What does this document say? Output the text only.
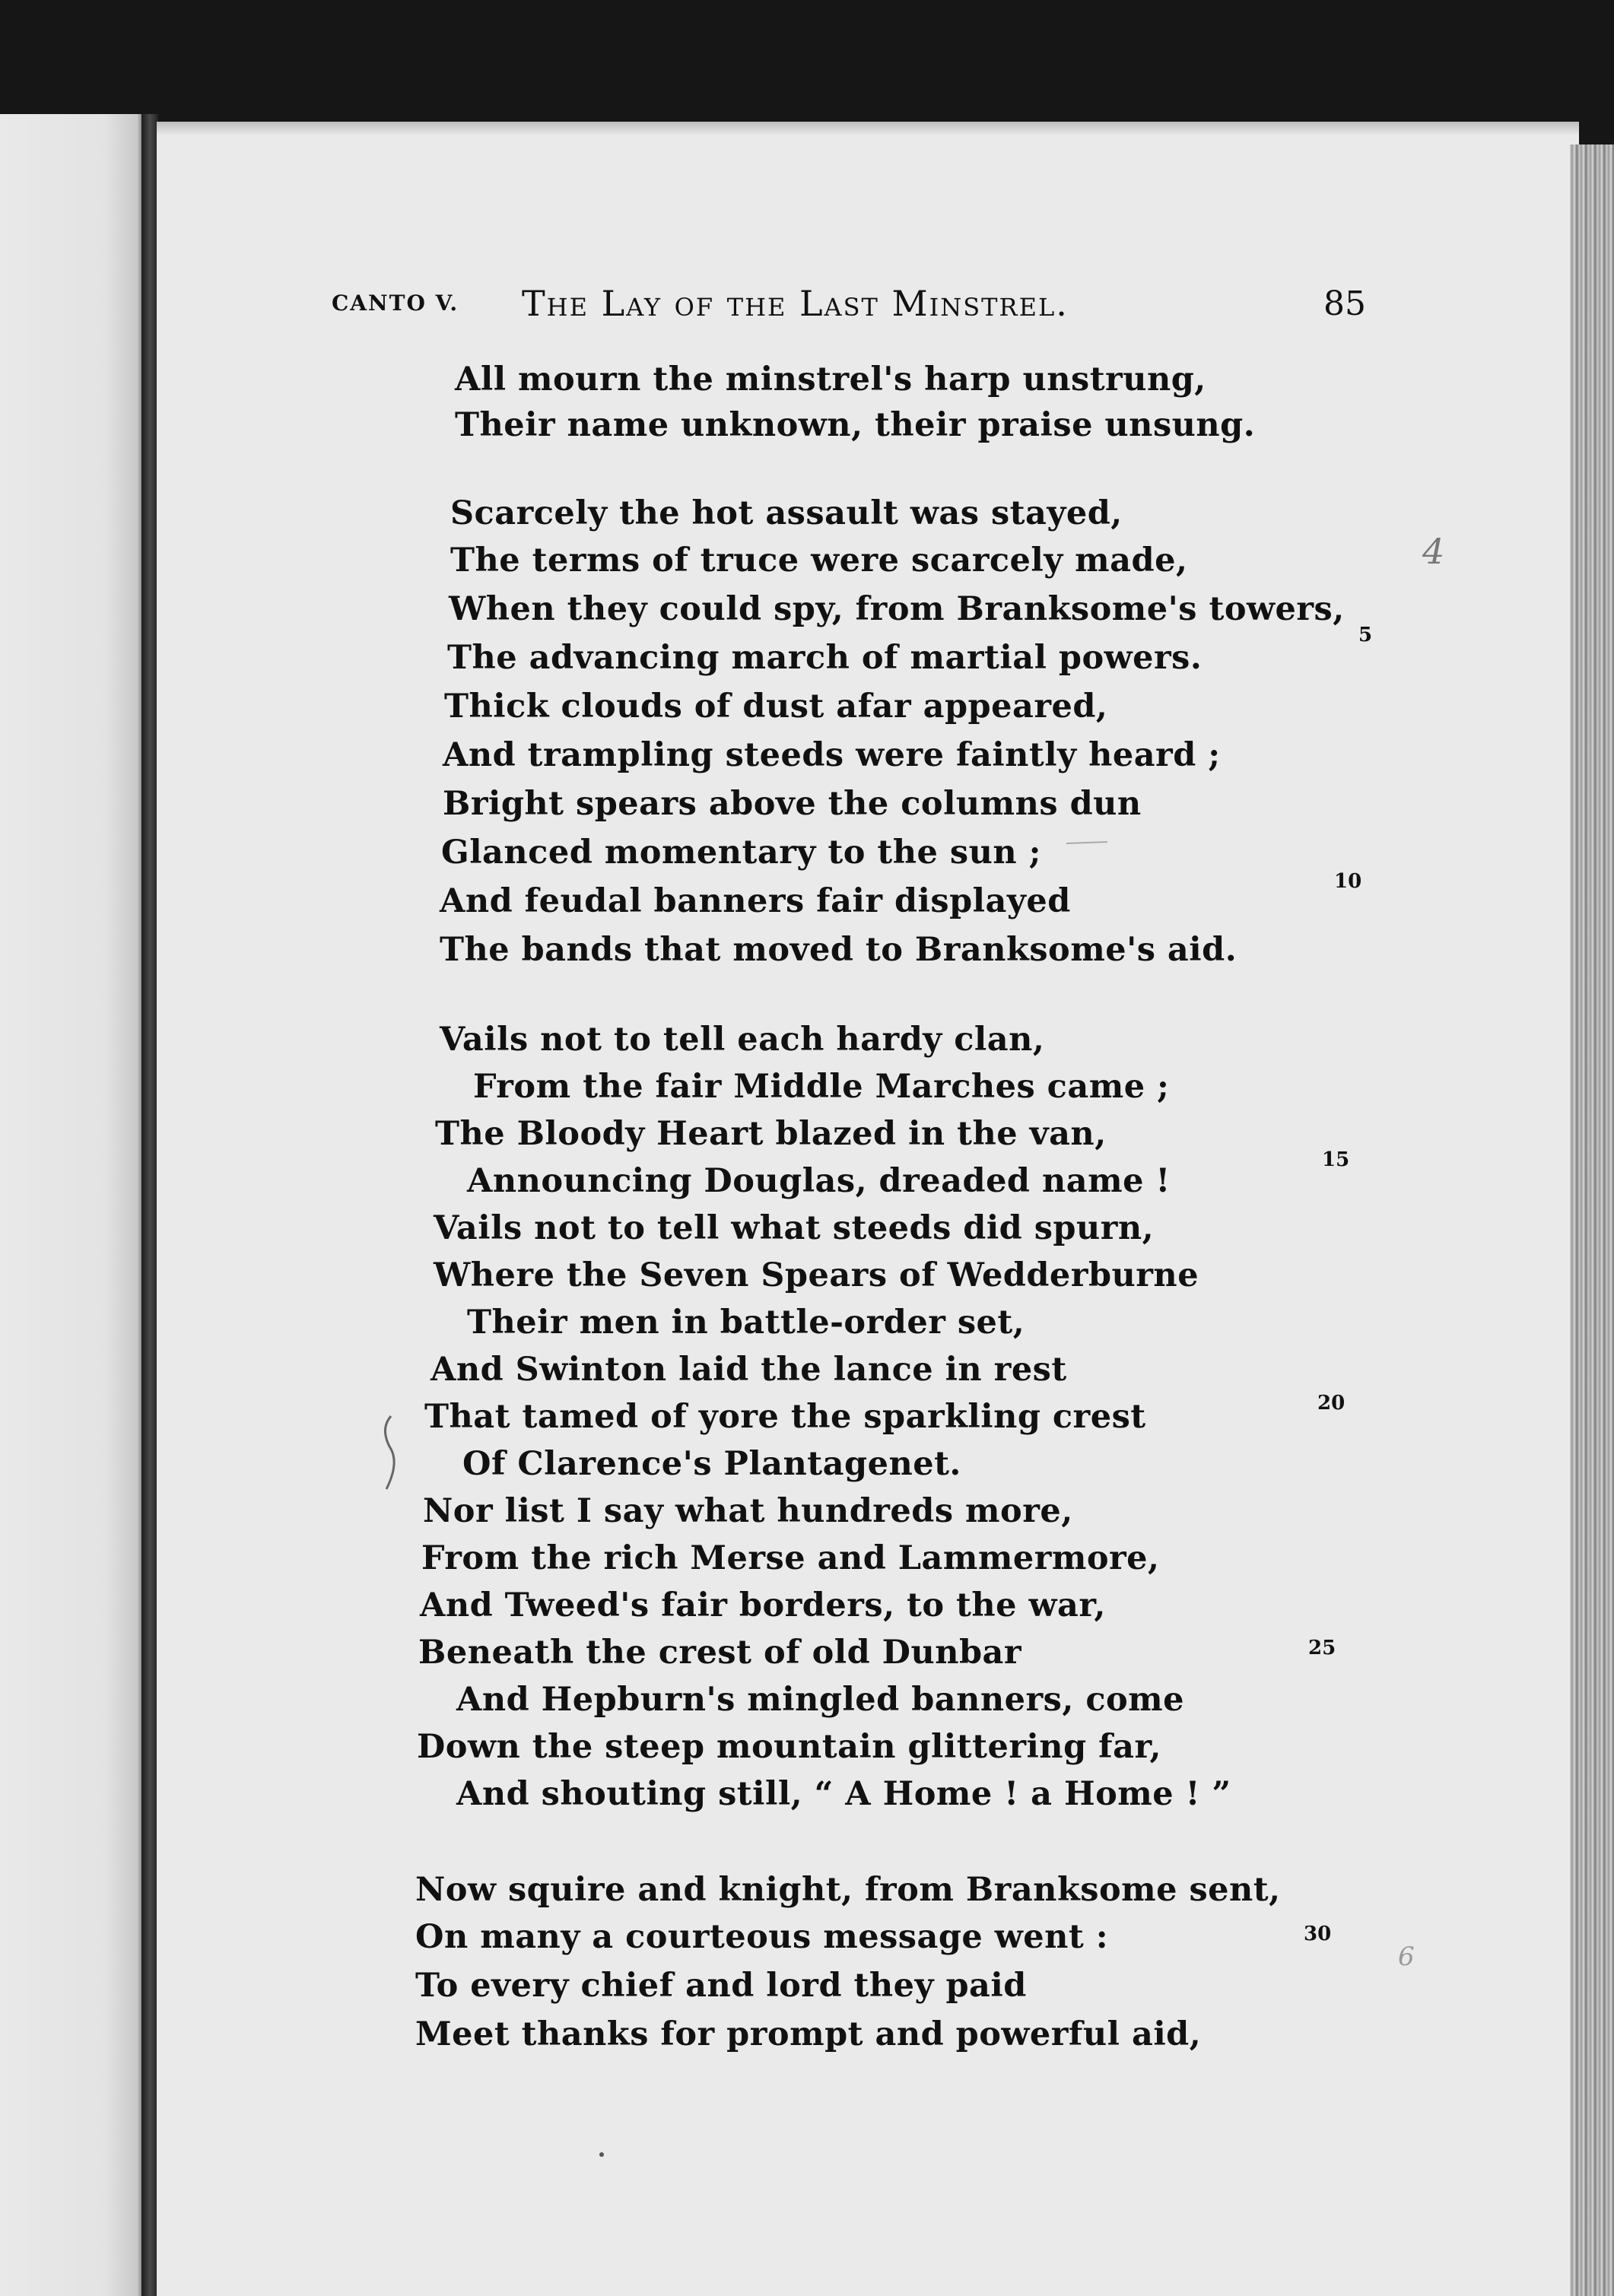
CANTO V. The Lay of the Last Minstrel.	85
All mourn the minstrel's harp unstrung,
Their name unknown, their praise unsung.
Scarcely the hot assault was stayed,
The terms of truce were scarcely made,
When they could spy, from Branksome's towers,
The advancing march of martial powers.
Thick clouds of dust afar appeared,
And trampling steeds were faintly heard ;
Bright spears above the columns dun
Glanced momentary to the sun ;
And feudal banners fair displayed
The bands that moved to Branksome's aid.
Vails not to tell each hardy clan,
From the fair Middle Marches came ;
The Bloody Heart blazed in the van,
Announcing Douglas, dreaded name !
Vails not to tell what steeds did spurn,
Where the Seven Spears of Wedderburne
Their men in battle-order set,
And Swinton laid the lance in rest
That tamed of yore the sparkling crest
Of Clarence's Plantagenet.
Nor list I say what hundreds more,
From the rich Merse and Lammermore,
And Tweed's fair borders, to the war,
Beneath the crest of old Dunbar
And Hepburn's mingled banners, come
Down the steep mountain glittering far,
And shouting still, “ A Home ! a Home ! ”
Now squire and knight, from Branksome sent,
On many a courteous message went :
To every chief and lord they paid
Meet thanks for prompt and powerful aid,
5
10
15
20
25
30
4
6
